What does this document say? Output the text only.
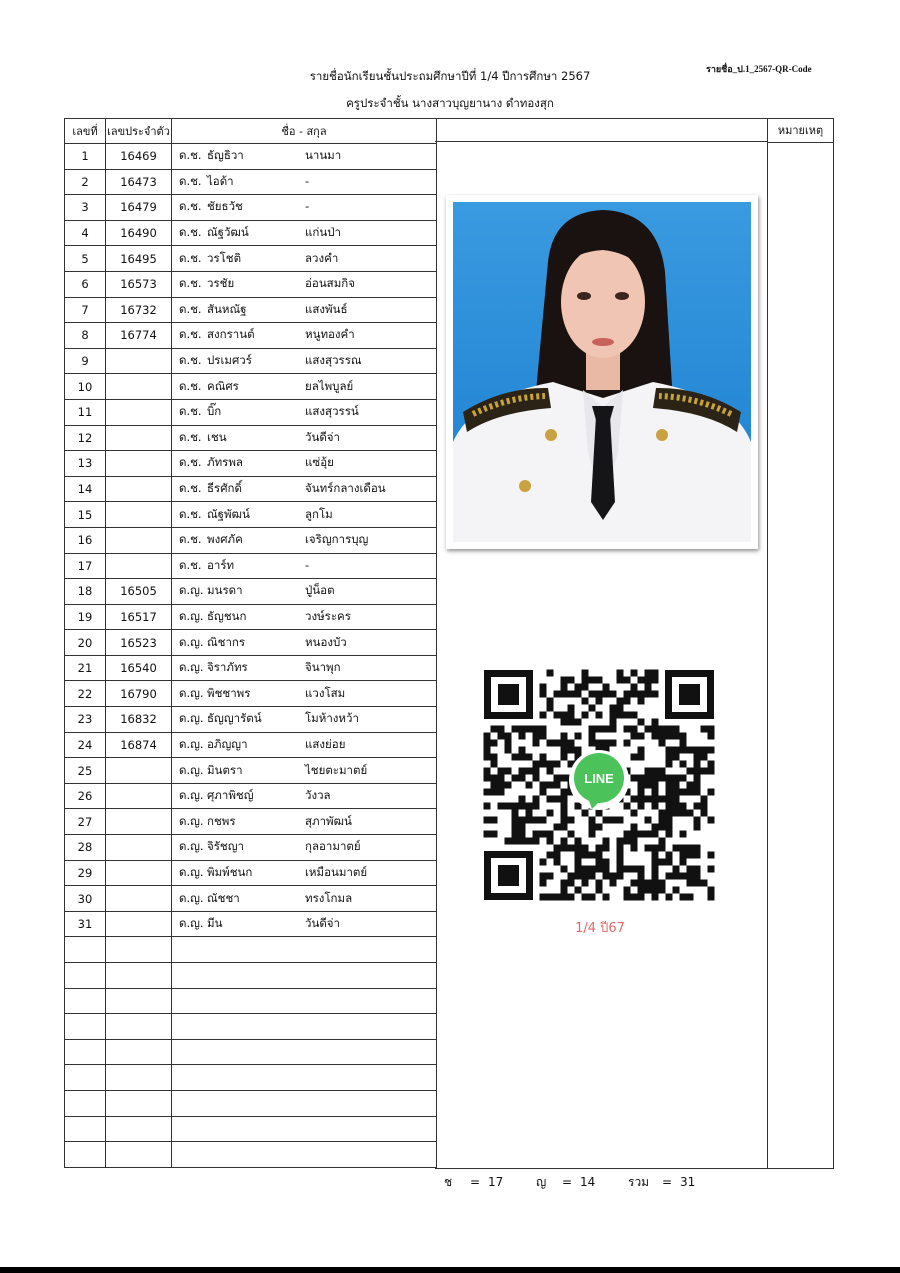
รายชื่อ_ป.1_2567-QR-Code
รายชื่อนักเรียนชั้นประถมศึกษาปีที่ 1/4 ปีการศึกษา 2567
ครูประจำชั้น นางสาวบุญยานาง ดำทองสุก
เลขที่	เลขประจำตัว	ชื่อ - สกุล
1	16469	ด.ช. ธัญธิวา นานมา
2	16473	ด.ช. ไอด้า -
3	16479	ด.ช. ชัยธวัช -
4	16490	ด.ช. ณัฐวัฒน์ แก่นป่า
5	16495	ด.ช. วรโชติ ลวงคำ
6	16573	ด.ช. วรชัย อ่อนสมกิจ
7	16732	ด.ช. สันหณัฐ แสงพันธ์
8	16774	ด.ช. สงกรานต์ หนูทองคำ
9		ด.ช. ปรเมศวร์ แสงสุวรรณ
10		ด.ช. คณิศร ยลไพบูลย์
11		ด.ช. บิ๊ก แสงสุวรรน์
12		ด.ช. เชน วันดีจ่า
13		ด.ช. ภัทรพล แซ่อุ้ย
14		ด.ช. ธีรศักดิ์ จันทร์กลางเดือน
15		ด.ช. ณัฐพัฒน์ ลูกโม
16		ด.ช. พงศภัค เจริญการบุญ
17		ด.ช. อาร์ท -
18	16505	ด.ญ. มนรดา ปู่น็อต
19	16517	ด.ญ. ธัญชนก วงษ์ระคร
20	16523	ด.ญ. ณิชากร หนองบัว
21	16540	ด.ญ. จิราภัทร จินาพุก
22	16790	ด.ญ. พิชชาพร แวงโสม
23	16832	ด.ญ. ธัญญารัตน์ โมห้างหว้า
24	16874	ด.ญ. อภิญญา แสงย่อย
25		ด.ญ. มินตรา ไชยตะมาตย์
26		ด.ญ. ศุภาพิชญ์ วังวล
27		ด.ญ. กชพร สุภาพัฒน์
28		ด.ญ. จิรัชญา กุลอามาตย์
29		ด.ญ. พิมพ์ชนก เหมือนมาตย์
30		ด.ญ. ณัชชา ทรงโกมล
31		ด.ญ. มีน วันดีจ่า

หมายเหตุ
LINE
1/4 ปี67
ช = 17	ญ = 14	รวม = 31
